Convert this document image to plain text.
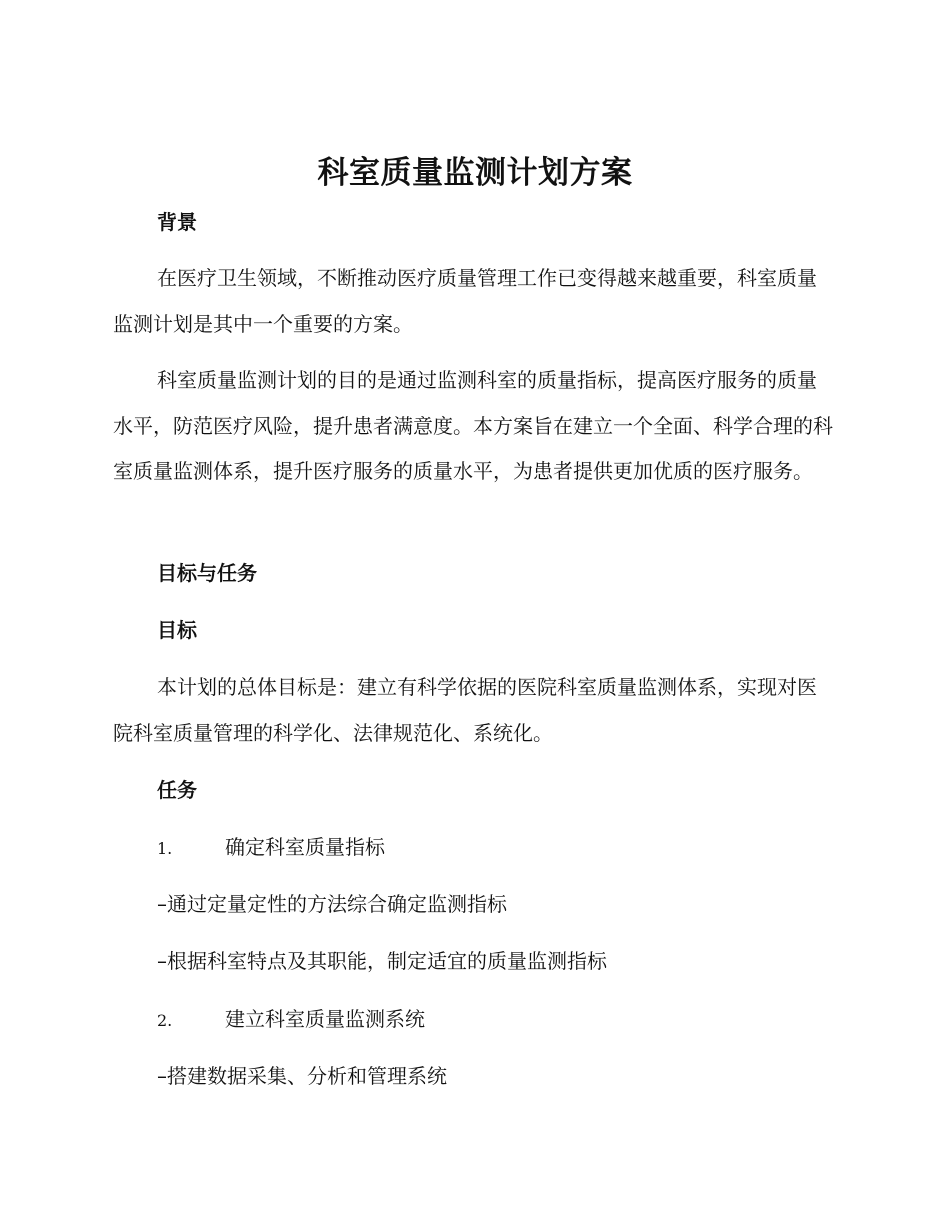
科室质量监测计划方案
背景

在医疗卫生领域，不断推动医疗质量管理工作已变得越来越重要，科室质量监测计划是其中一个重要的方案。

科室质量监测计划的目的是通过监测科室的质量指标，提高医疗服务的质量水平，防范医疗风险，提升患者满意度。本方案旨在建立一个全面、科学合理的科室质量监测体系，提升医疗服务的质量水平，为患者提供更加优质的医疗服务。

目标与任务
目标

本计划的总体目标是：建立有科学依据的医院科室质量监测体系，实现对医院科室质量管理的科学化、法律规范化、系统化。

任务
1.	确定科室质量指标
–通过定量定性的方法综合确定监测指标
–根据科室特点及其职能，制定适宜的质量监测指标
2.	建立科室质量监测系统
–搭建数据采集、分析和管理系统
